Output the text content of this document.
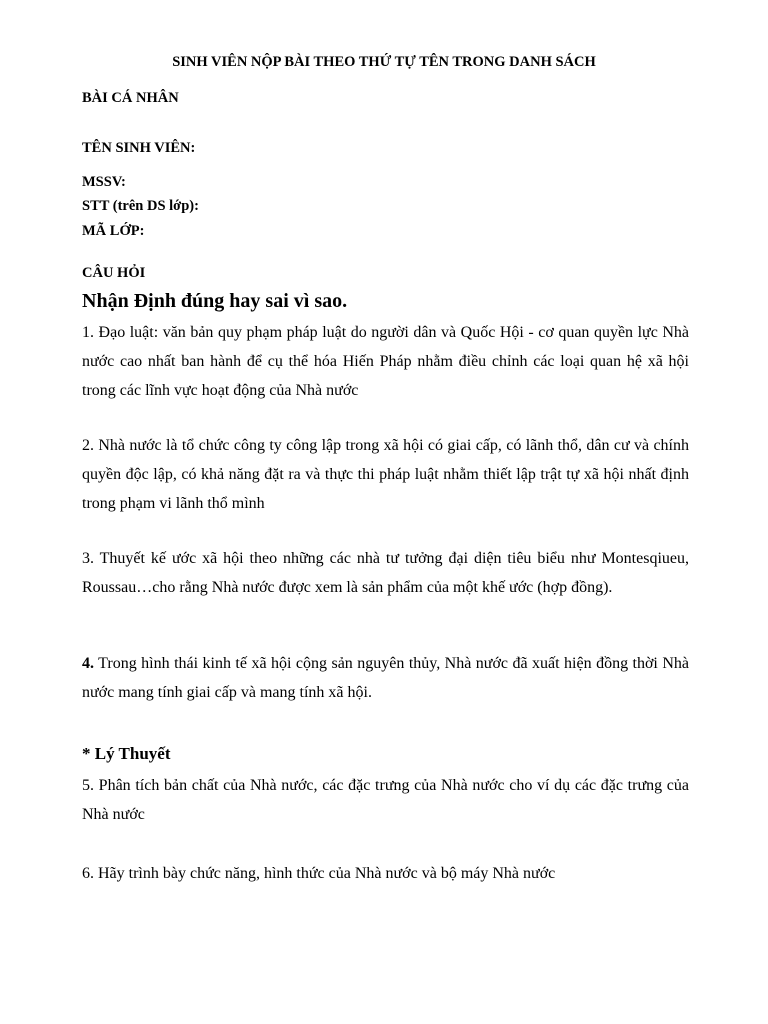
SINH VIÊN NỘP BÀI THEO THỨ TỰ TÊN TRONG DANH SÁCH
BÀI CÁ NHÂN
TÊN SINH VIÊN:
MSSV:
STT (trên DS lớp):
MÃ LỚP:
CÂU HỎI
Nhận Định đúng hay sai vì sao.
1. Đạo luật: văn bản quy phạm pháp luật do người dân và Quốc Hội - cơ quan quyền lực Nhà nước cao nhất ban hành để cụ thể hóa Hiến Pháp nhằm điều chỉnh các loại quan hệ xã hội trong các lĩnh vực hoạt động của Nhà nước
2. Nhà nước là tổ chức công ty công lập trong xã hội có giai cấp, có lãnh thổ, dân cư và chính quyền độc lập, có khả năng đặt ra và thực thi pháp luật nhằm thiết lập trật tự xã hội nhất định trong phạm vi lãnh thổ mình
3. Thuyết kế ước xã hội theo những các nhà tư tưởng đại diện tiêu biểu như Montesqiueu, Roussau…cho rằng Nhà nước được xem là sản phẩm của một khế ước (hợp đồng).
4. Trong hình thái kinh tế xã hội cộng sản nguyên thủy, Nhà nước đã xuất hiện đồng thời Nhà nước mang tính giai cấp và mang tính xã hội.
* Lý Thuyết
5. Phân tích bản chất của Nhà nước, các đặc trưng của Nhà nước cho ví dụ các đặc trưng của Nhà nước
6. Hãy trình bày chức năng, hình thức của Nhà nước và bộ máy Nhà nước
